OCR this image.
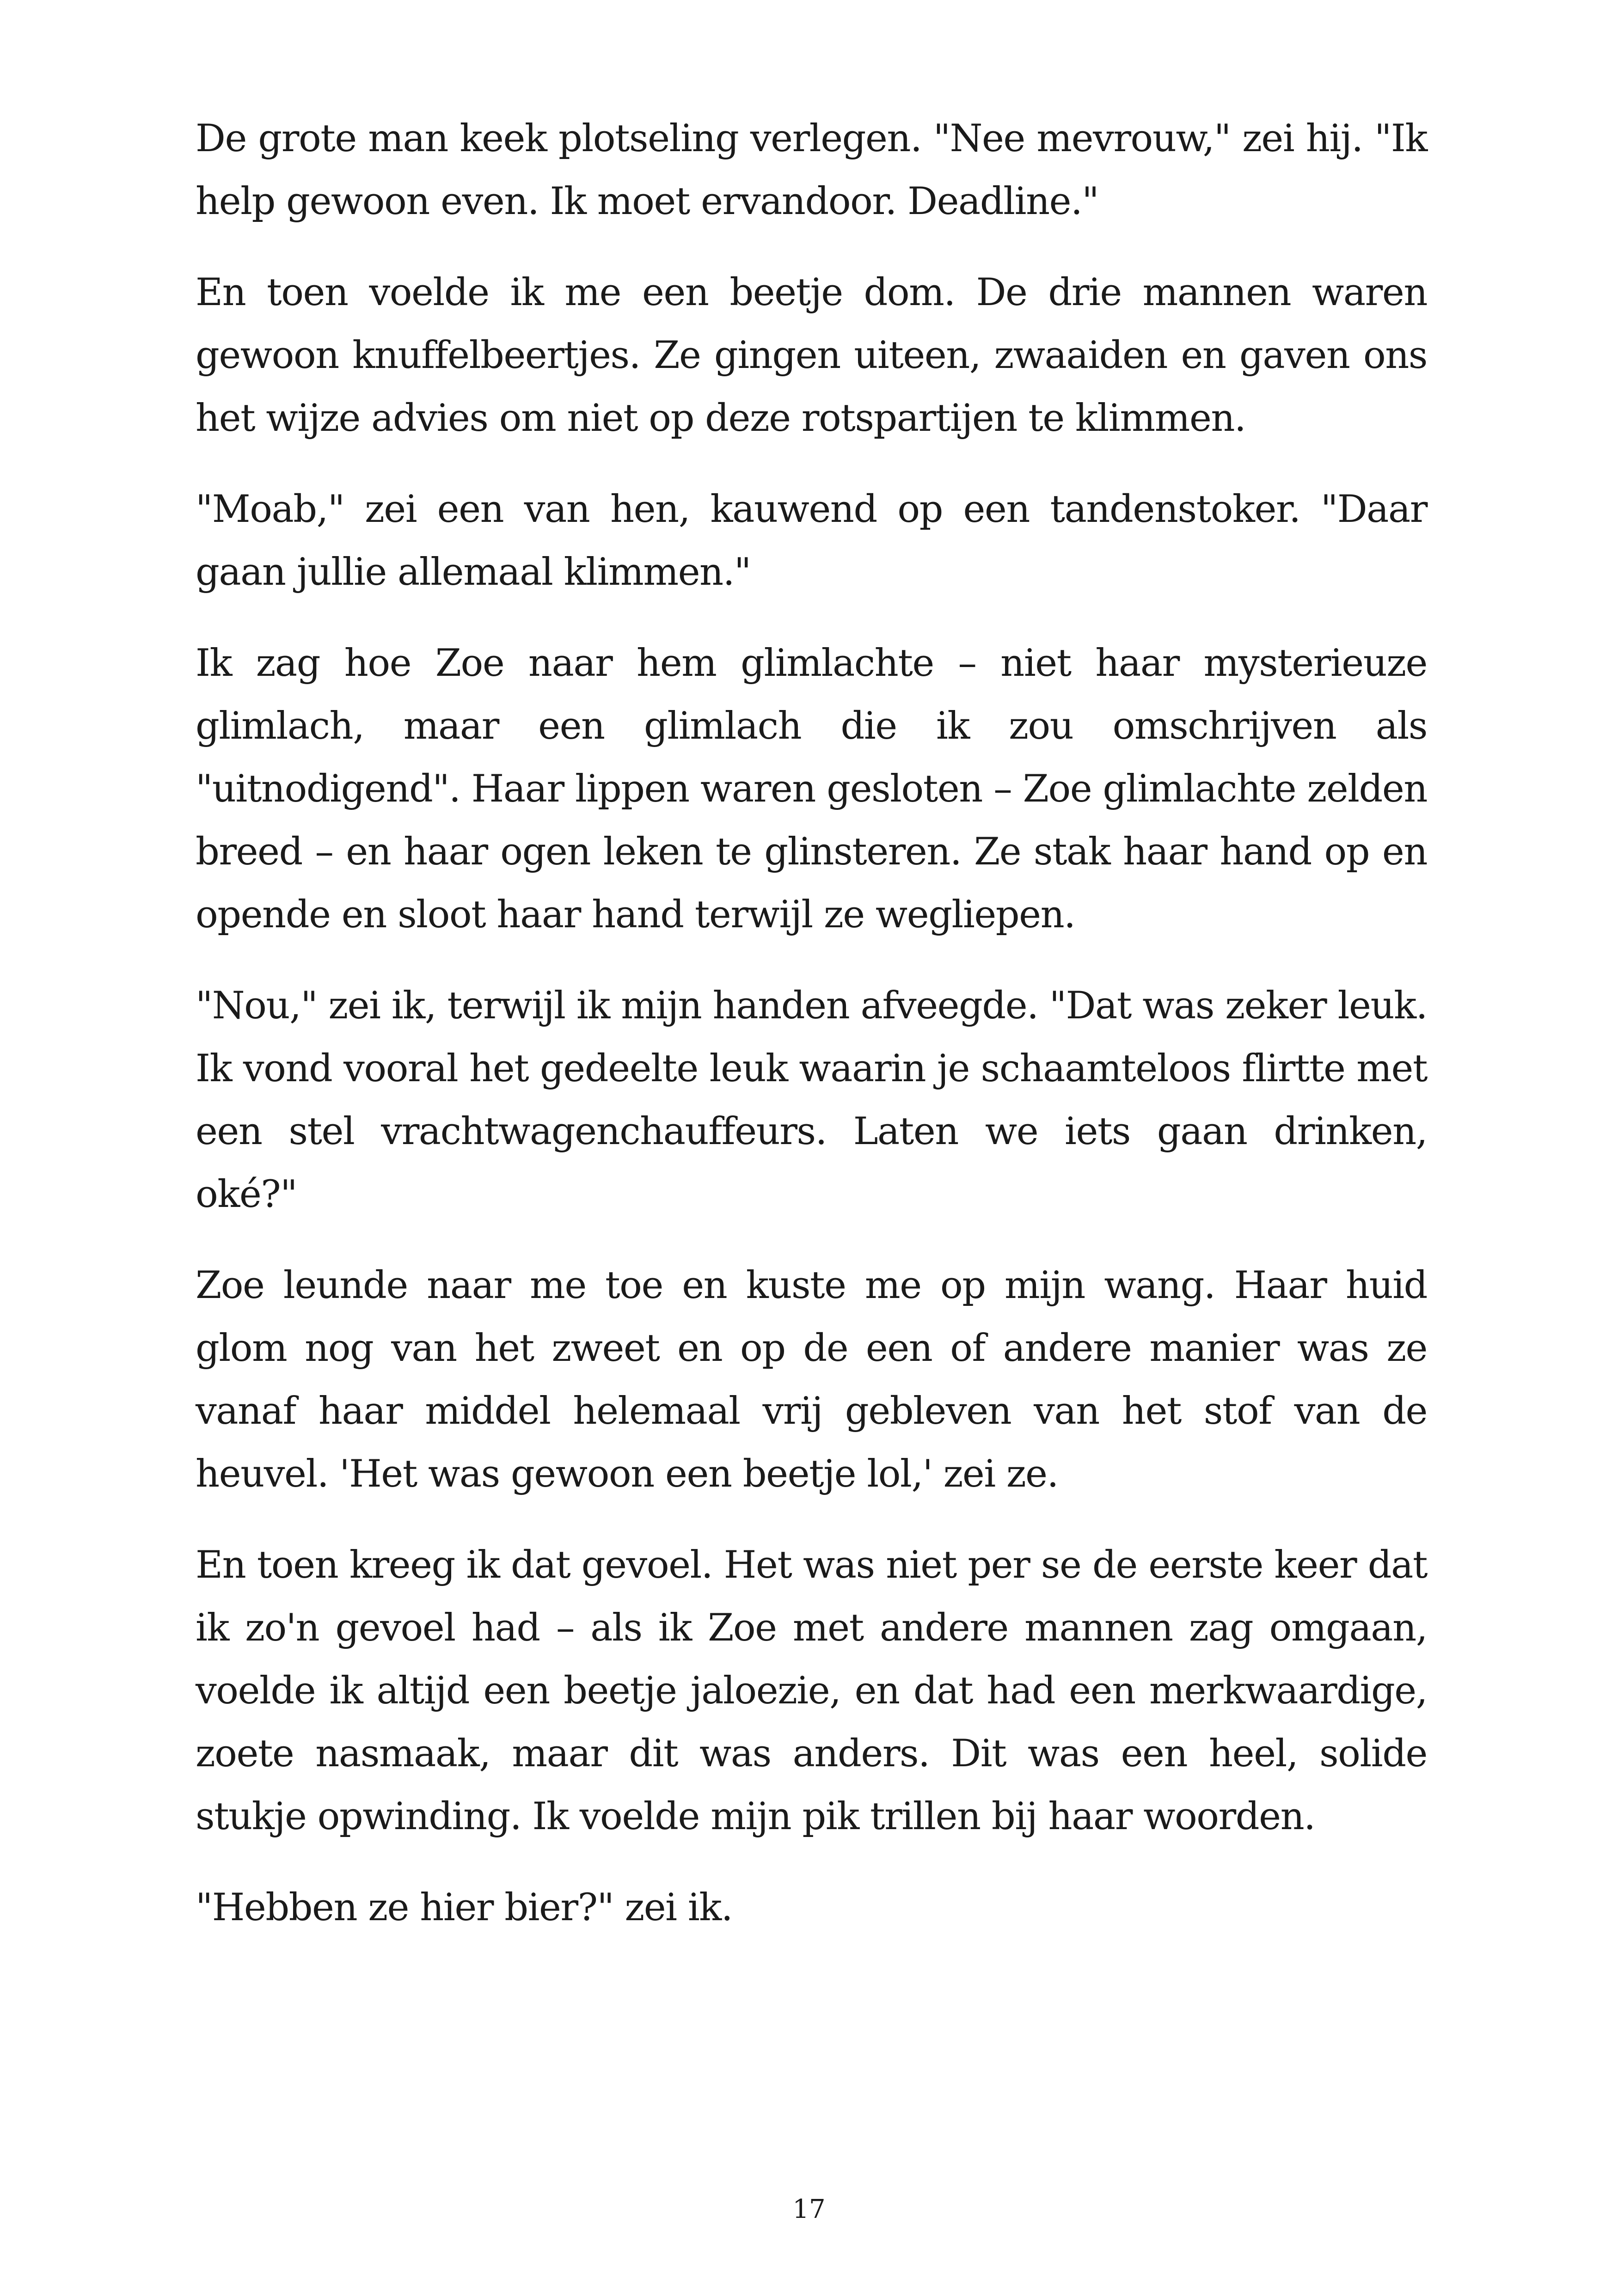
De grote man keek plotseling verlegen. "Nee mevrouw," zei hij. "Ik help gewoon even. Ik moet ervandoor. Deadline."

En toen voelde ik me een beetje dom. De drie mannen waren gewoon knuffelbeertjes. Ze gingen uiteen, zwaaiden en gaven ons het wijze advies om niet op deze rotspartijen te klimmen.

"Moab," zei een van hen, kauwend op een tandenstoker. "Daar gaan jullie allemaal klimmen."

Ik zag hoe Zoe naar hem glimlachte – niet haar mysterieuze glimlach, maar een glimlach die ik zou omschrijven als "uitnodigend". Haar lippen waren gesloten – Zoe glimlachte zelden breed – en haar ogen leken te glinsteren. Ze stak haar hand op en opende en sloot haar hand terwijl ze wegliepen.

"Nou," zei ik, terwijl ik mijn handen afveegde. "Dat was zeker leuk. Ik vond vooral het gedeelte leuk waarin je schaamteloos flirtte met een stel vrachtwagenchauffeurs. Laten we iets gaan drinken, oké?"

Zoe leunde naar me toe en kuste me op mijn wang. Haar huid glom nog van het zweet en op de een of andere manier was ze vanaf haar middel helemaal vrij gebleven van het stof van de heuvel. 'Het was gewoon een beetje lol,' zei ze.

En toen kreeg ik dat gevoel. Het was niet per se de eerste keer dat ik zo'n gevoel had – als ik Zoe met andere mannen zag omgaan, voelde ik altijd een beetje jaloezie, en dat had een merkwaardige, zoete nasmaak, maar dit was anders. Dit was een heel, solide stukje opwinding. Ik voelde mijn pik trillen bij haar woorden.

"Hebben ze hier bier?" zei ik.

17
